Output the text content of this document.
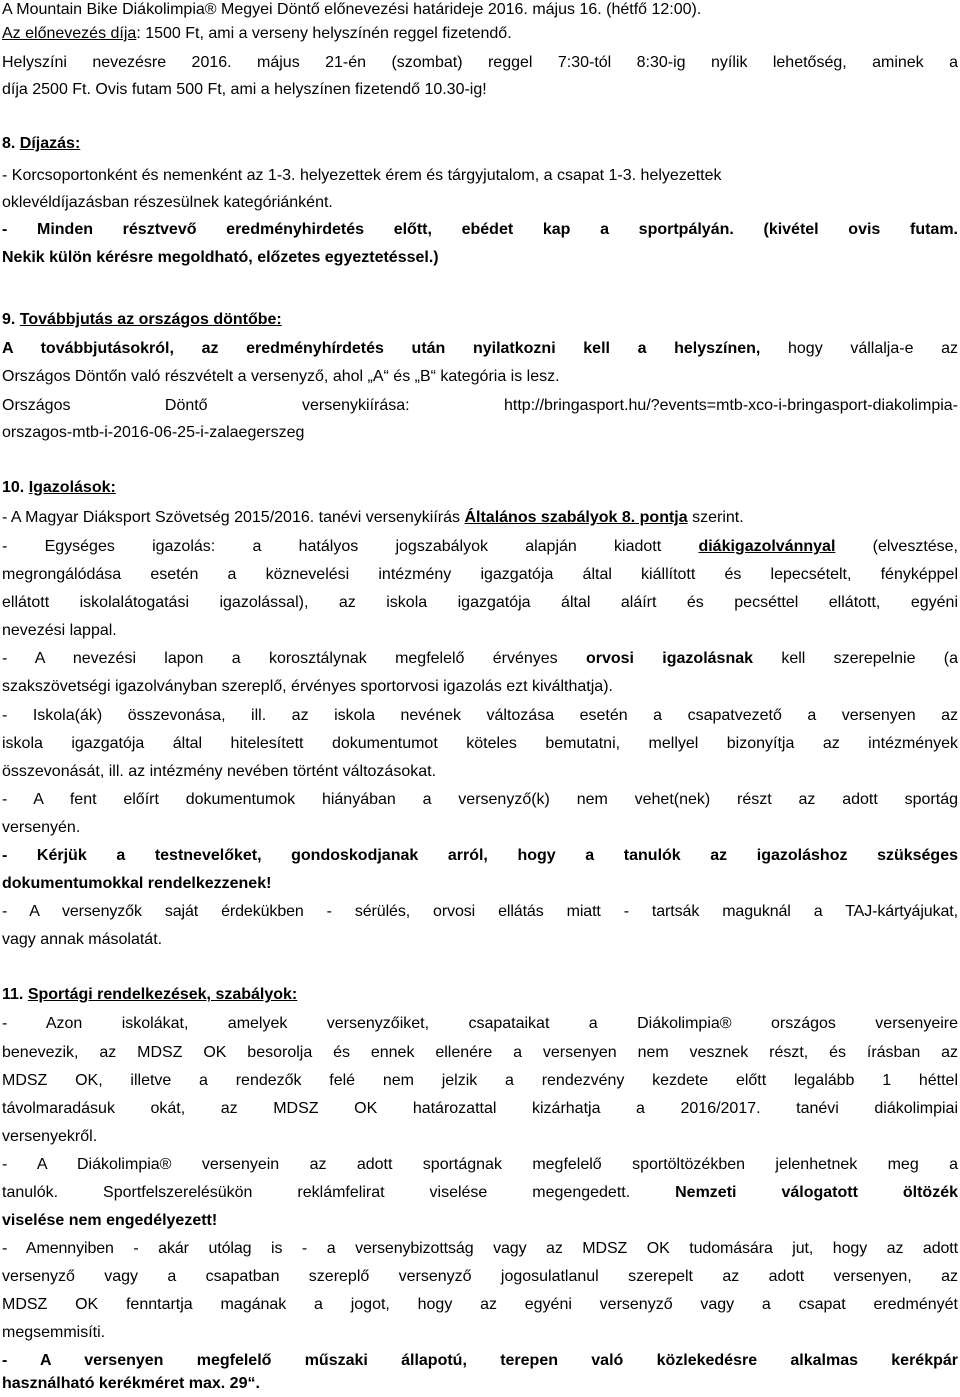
A Mountain Bike Diákolimpia® Megyei Döntő előnevezési határideje 2016. május 16. (hétfő 12:00).
Az előnevezés díja: 1500 Ft, ami a verseny helyszínén reggel fizetendő.
Helyszíni nevezésre 2016. május 21-én (szombat) reggel 7:30-tól 8:30-ig nyílik lehetőség, aminek a
díja 2500 Ft. Ovis futam 500 Ft, ami a helyszínen fizetendő 10.30-ig!
8. Díjazás:
- Korcsoportonként és nemenként az 1-3. helyezettek érem és tárgyjutalom, a csapat 1-3. helyezettek
oklevéldíjazásban részesülnek kategóriánként.
- Minden résztvevő eredményhirdetés előtt, ebédet kap a sportpályán. (kivétel ovis futam.
Nekik külön kérésre megoldható, előzetes egyeztetéssel.)
9. Továbbjutás az országos döntőbe:
A továbbjutásokról, az eredményhírdetés után nyilatkozni kell a helyszínen, hogy vállalja-e az
Országos Döntőn való részvételt a versenyző, ahol „A“ és „B“ kategória is lesz.
Országos Döntő versenykiírása: http://bringasport.hu/?events=mtb-xco-i-bringasport-diakolimpia-
orszagos-mtb-i-2016-06-25-i-zalaegerszeg
10. Igazolások:
- A Magyar Diáksport Szövetség 2015/2016. tanévi versenykiírás Általános szabályok 8. pontja szerint.
- Egységes igazolás: a hatályos jogszabályok alapján kiadott diákigazolvánnyal (elvesztése,
megrongálódása esetén a köznevelési intézmény igazgatója által kiállított és lepecsételt, fényképpel
ellátott iskolalátogatási igazolással), az iskola igazgatója által aláírt és pecséttel ellátott, egyéni
nevezési lappal.
- A nevezési lapon a korosztálynak megfelelő érvényes orvosi igazolásnak kell szerepelnie (a
szakszövetségi igazolványban szereplő, érvényes sportorvosi igazolás ezt kiválthatja).
- Iskola(ák) összevonása, ill. az iskola nevének változása esetén a csapatvezető a versenyen az
iskola igazgatója által hitelesített dokumentumot köteles bemutatni, mellyel bizonyítja az intézmények
összevonását, ill. az intézmény nevében történt változásokat.
- A fent előírt dokumentumok hiányában a versenyző(k) nem vehet(nek) részt az adott sportág
versenyén.
- Kérjük a testnevelőket, gondoskodjanak arról, hogy a tanulók az igazoláshoz szükséges
dokumentumokkal rendelkezzenek!
- A versenyzők saját érdekükben - sérülés, orvosi ellátás miatt - tartsák maguknál a TAJ-kártyájukat,
vagy annak másolatát.
11. Sportági rendelkezések, szabályok:
- Azon iskolákat, amelyek versenyzőiket, csapataikat a Diákolimpia® országos versenyeire
benevezik, az MDSZ OK besorolja és ennek ellenére a versenyen nem vesznek részt, és írásban az
MDSZ OK, illetve a rendezők felé nem jelzik a rendezvény kezdete előtt legalább 1 héttel
távolmaradásuk okát, az MDSZ OK határozattal kizárhatja a 2016/2017. tanévi diákolimpiai
versenyekről.
- A Diákolimpia® versenyein az adott sportágnak megfelelő sportöltözékben jelenhetnek meg a
tanulók. Sportfelszerelésükön reklámfelirat viselése megengedett. Nemzeti válogatott öltözék
viselése nem engedélyezett!
- Amennyiben - akár utólag is - a versenybizottság vagy az MDSZ OK tudomására jut, hogy az adott
versenyző vagy a csapatban szereplő versenyző jogosulatlanul szerepelt az adott versenyen, az
MDSZ OK fenntartja magának a jogot, hogy az egyéni versenyző vagy a csapat eredményét
megsemmisíti.
- A versenyen megfelelő műszaki állapotú, terepen való közlekedésre alkalmas kerékpár
használható kerékméret max. 29“.
